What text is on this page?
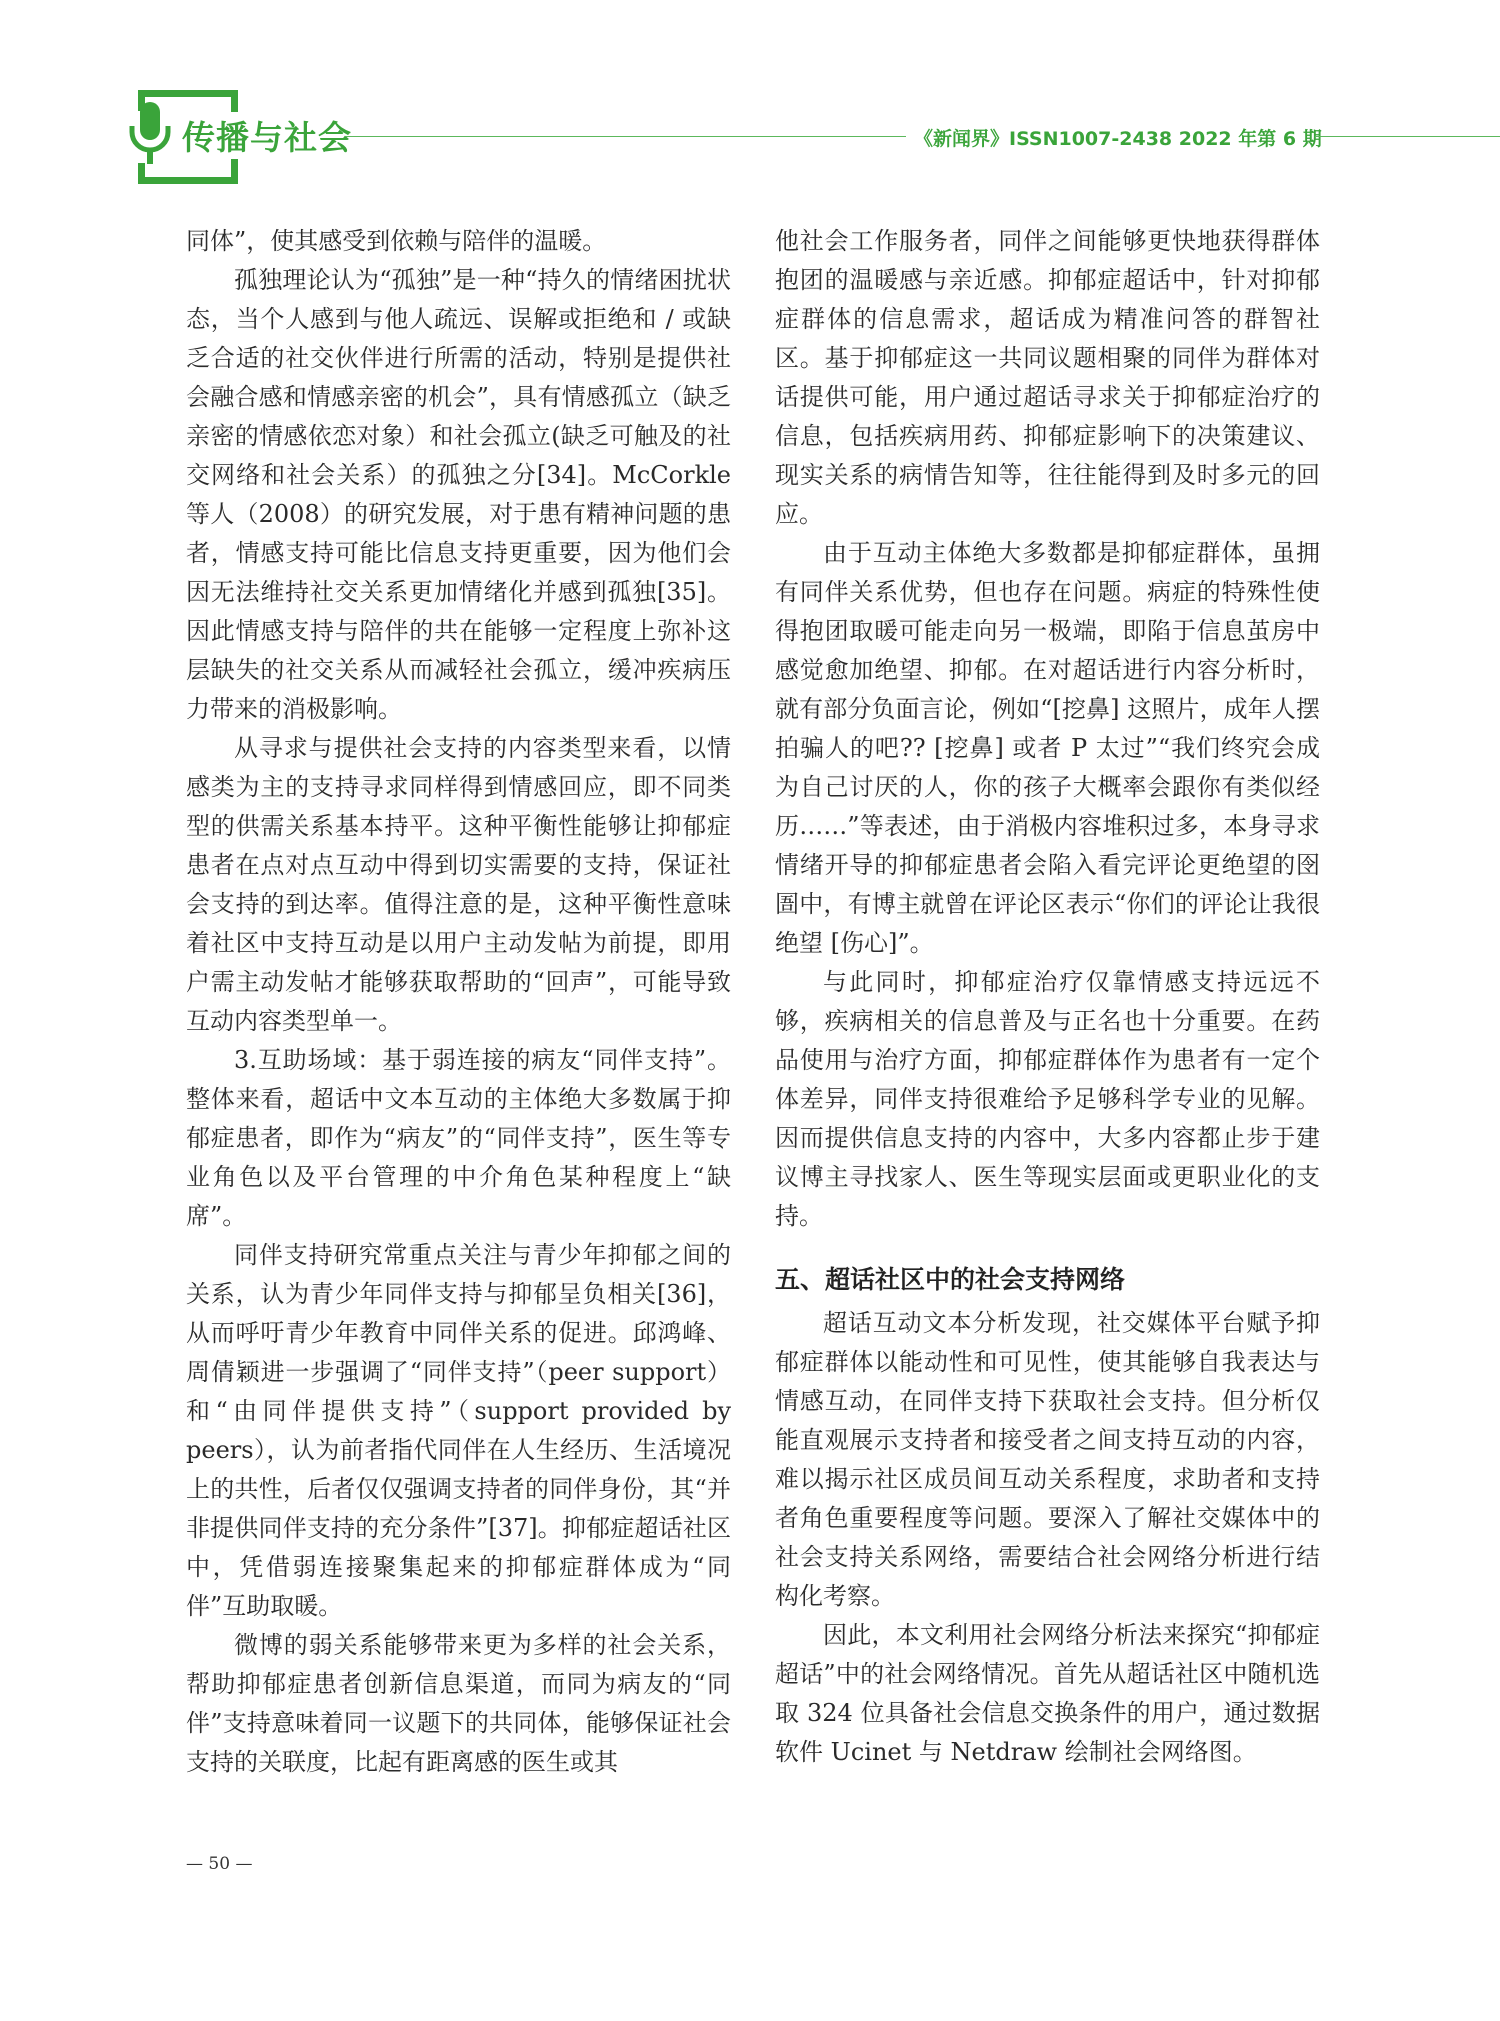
传播与社会	《新闻界》ISSN1007-2438 2022 年第 6 期

同体”，使其感受到依赖与陪伴的温暖。

孤独理论认为“孤独”是一种“持久的情绪困扰状态，当个人感到与他人疏远、误解或拒绝和 / 或缺乏合适的社交伙伴进行所需的活动，特别是提供社会融合感和情感亲密的机会”，具有情感孤立（缺乏亲密的情感依恋对象）和社会孤立(缺乏可触及的社交网络和社会关系）的孤独之分[34]。McCorkle 等人（2008）的研究发展，对于患有精神问题的患者，情感支持可能比信息支持更重要，因为他们会因无法维持社交关系更加情绪化并感到孤独[35]。因此情感支持与陪伴的共在能够一定程度上弥补这层缺失的社交关系从而减轻社会孤立，缓冲疾病压力带来的消极影响。

从寻求与提供社会支持的内容类型来看，以情感类为主的支持寻求同样得到情感回应，即不同类型的供需关系基本持平。这种平衡性能够让抑郁症患者在点对点互动中得到切实需要的支持，保证社会支持的到达率。值得注意的是，这种平衡性意味着社区中支持互动是以用户主动发帖为前提，即用户需主动发帖才能够获取帮助的“回声”，可能导致互动内容类型单一。

3.互助场域：基于弱连接的病友“同伴支持”。整体来看，超话中文本互动的主体绝大多数属于抑郁症患者，即作为“病友”的“同伴支持”，医生等专业角色以及平台管理的中介角色某种程度上“缺席”。

同伴支持研究常重点关注与青少年抑郁之间的关系，认为青少年同伴支持与抑郁呈负相关[36]，从而呼吁青少年教育中同伴关系的促进。邱鸿峰、周倩颖进一步强调了“同伴支持”（peer support）和“由同伴提供支持”（support provided by peers），认为前者指代同伴在人生经历、生活境况上的共性，后者仅仅强调支持者的同伴身份，其“并非提供同伴支持的充分条件”[37]。抑郁症超话社区中，凭借弱连接聚集起来的抑郁症群体成为“同伴”互助取暖。

微博的弱关系能够带来更为多样的社会关系，帮助抑郁症患者创新信息渠道，而同为病友的“同伴”支持意味着同一议题下的共同体，能够保证社会支持的关联度，比起有距离感的医生或其

他社会工作服务者，同伴之间能够更快地获得群体抱团的温暖感与亲近感。抑郁症超话中，针对抑郁症群体的信息需求，超话成为精准问答的群智社区。基于抑郁症这一共同议题相聚的同伴为群体对话提供可能，用户通过超话寻求关于抑郁症治疗的信息，包括疾病用药、抑郁症影响下的决策建议、现实关系的病情告知等，往往能得到及时多元的回应。

由于互动主体绝大多数都是抑郁症群体，虽拥有同伴关系优势，但也存在问题。病症的特殊性使得抱团取暖可能走向另一极端，即陷于信息茧房中感觉愈加绝望、抑郁。在对超话进行内容分析时，就有部分负面言论，例如“[挖鼻] 这照片，成年人摆拍骗人的吧?? [挖鼻] 或者 P 太过”“我们终究会成为自己讨厌的人，你的孩子大概率会跟你有类似经历……”等表述，由于消极内容堆积过多，本身寻求情绪开导的抑郁症患者会陷入看完评论更绝望的囹圄中，有博主就曾在评论区表示“你们的评论让我很绝望 [伤心]”。

与此同时，抑郁症治疗仅靠情感支持远远不够，疾病相关的信息普及与正名也十分重要。在药品使用与治疗方面，抑郁症群体作为患者有一定个体差异，同伴支持很难给予足够科学专业的见解。因而提供信息支持的内容中，大多内容都止步于建议博主寻找家人、医生等现实层面或更职业化的支持。

五、超话社区中的社会支持网络

超话互动文本分析发现，社交媒体平台赋予抑郁症群体以能动性和可见性，使其能够自我表达与情感互动，在同伴支持下获取社会支持。但分析仅能直观展示支持者和接受者之间支持互动的内容，难以揭示社区成员间互动关系程度，求助者和支持者角色重要程度等问题。要深入了解社交媒体中的社会支持关系网络，需要结合社会网络分析进行结构化考察。

因此，本文利用社会网络分析法来探究“抑郁症超话”中的社会网络情况。首先从超话社区中随机选取 324 位具备社会信息交换条件的用户，通过数据软件 Ucinet 与 Netdraw 绘制社会网络图。

— 50 —
